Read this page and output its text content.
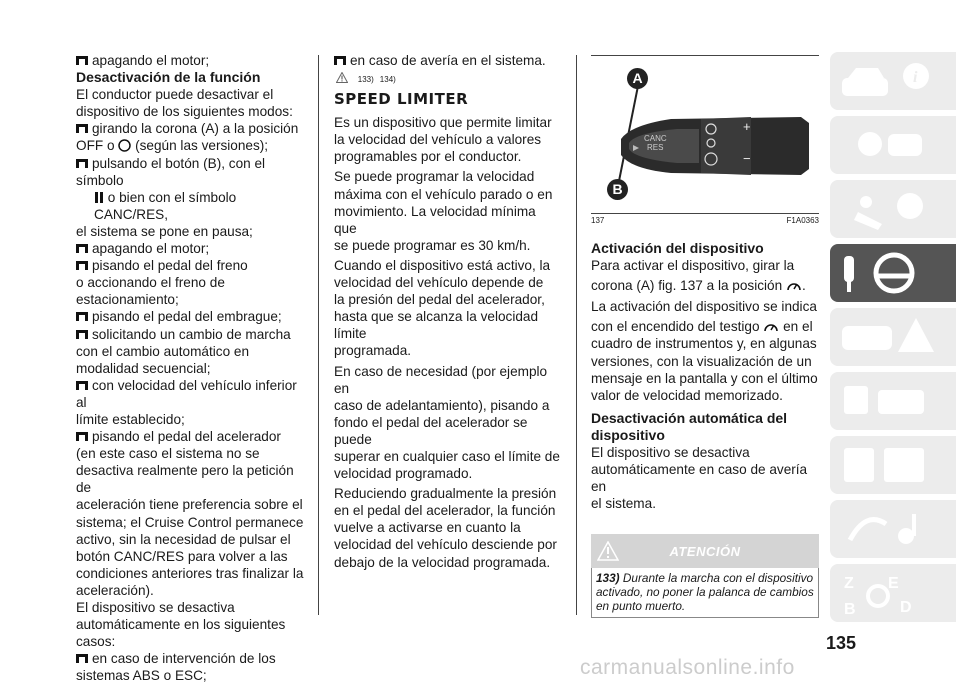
apagando el motor;
Desactivación de la función
El conductor puede desactivar el
dispositivo de los siguientes modos:
girando la corona (A) a la posición
OFF o (según las versiones);
pulsando el botón (B), con el símbolo
o bien con el símbolo CANC/RES,
el sistema se pone en pausa;
apagando el motor;
pisando el pedal del freno
o accionando el freno de
estacionamiento;
pisando el pedal del embrague;
solicitando un cambio de marcha
con el cambio automático en
modalidad secuencial;
con velocidad del vehículo inferior al
límite establecido;
pisando el pedal del acelerador
(en este caso el sistema no se
desactiva realmente pero la petición de
aceleración tiene preferencia sobre el
sistema; el Cruise Control permanece
activo, sin la necesidad de pulsar el
botón CANC/RES para volver a las
condiciones anteriores tras finalizar la
aceleración).
El dispositivo se desactiva
automáticamente en los siguientes
casos:
en caso de intervención de los
sistemas ABS o ESC;
en caso de avería en el sistema.
133) 134)
SPEED LIMITER
Es un dispositivo que permite limitar
la velocidad del vehículo a valores
programables por el conductor.
Se puede programar la velocidad
máxima con el vehículo parado o en
movimiento. La velocidad mínima que
se puede programar es 30 km/h.
Cuando el dispositivo está activo, la
velocidad del vehículo depende de
la presión del pedal del acelerador,
hasta que se alcanza la velocidad límite
programada.
En caso de necesidad (por ejemplo en
caso de adelantamiento), pisando a
fondo el pedal del acelerador se puede
superar en cualquier caso el límite de
velocidad programado.
Reduciendo gradualmente la presión
en el pedal del acelerador, la función
vuelve a activarse en cuanto la
velocidad del vehículo desciende por
debajo de la velocidad programada.
+
−
CANC
RES
A
B
137	F1A0363
Activación del dispositivo
Para activar el dispositivo, girar la
corona (A) fig. 137 a la posición .
La activación del dispositivo se indica
con el encendido del testigo en el
cuadro de instrumentos y, en algunas
versiones, con la visualización de un
mensaje en la pantalla y con el último
valor de velocidad memorizado.
Desactivación automática del
dispositivo
El dispositivo se desactiva
automáticamente en caso de avería en
el sistema.
ATENCIÓN
133) Durante la marcha con el dispositivo
activado, no poner la palanca de cambios
en punto muerto.
i
Z E
B	D
135
carmanualsonline.info
